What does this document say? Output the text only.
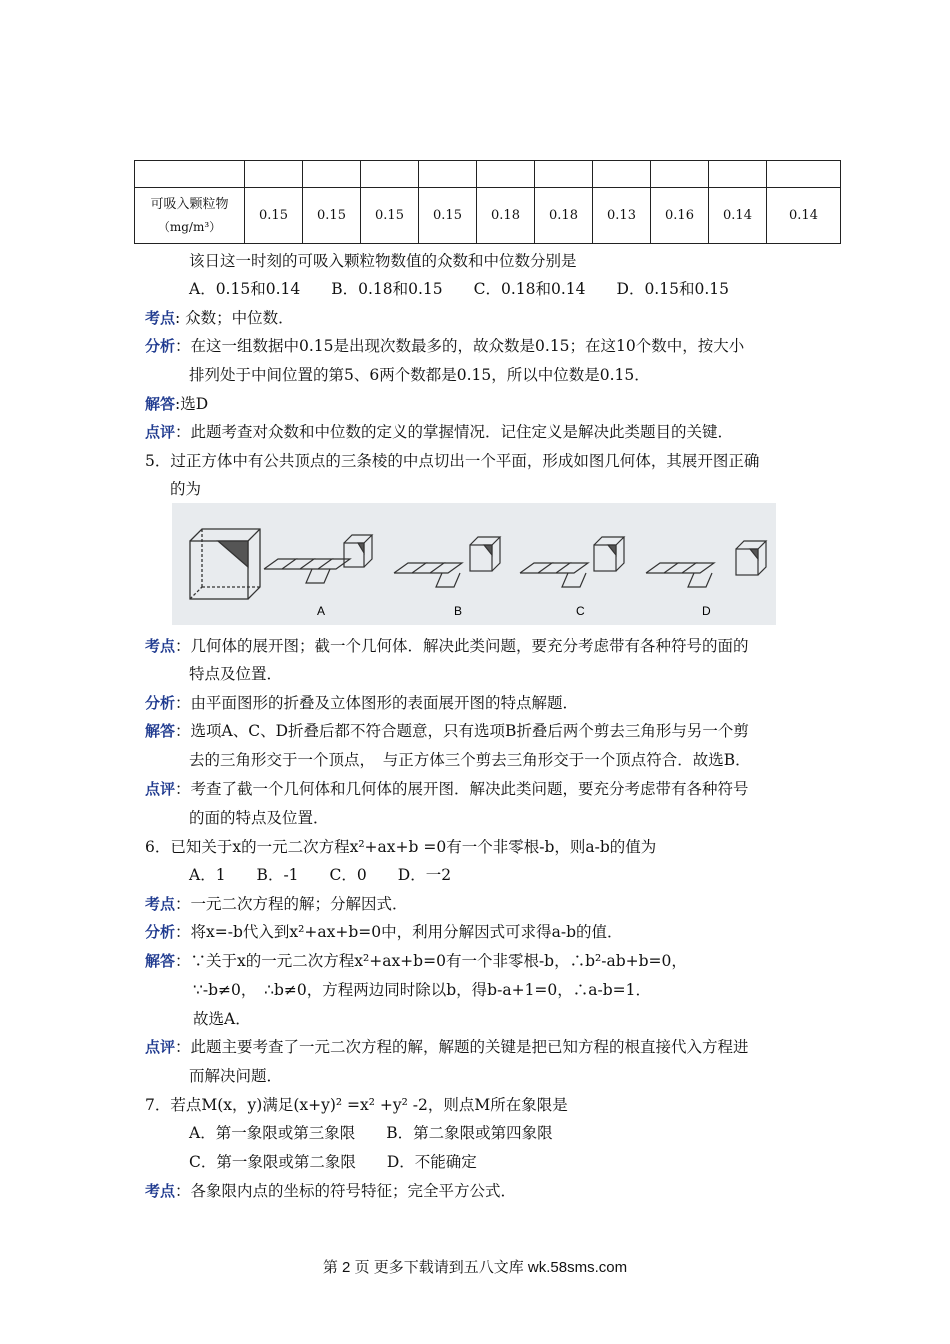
可吸入颗粒物
（mg/m³）	0.15	0.15	0.15	0.15	0.18	0.18	0.13	0.16	0.14	0.14
该日这一时刻的可吸入颗粒物数值的众数和中位数分别是
A．0.15和0.14　　B．0.18和0.15　　C．0.18和0.14　　D．0.15和0.15
考点: 众数；中位数．
分析：在这一组数据中0.15是出现次数最多的，故众数是0.15；在这10个数中，按大小
排列处于中间位置的第5、6两个数都是0.15，所以中位数是0.15．
解答:选D
点评：此题考查对众数和中位数的定义的掌握情况．记住定义是解决此类题目的关键．
5．过正方体中有公共顶点的三条棱的中点切出一个平面，形成如图几何体，其展开图正确
的为
A	B	C	D
考点：几何体的展开图；截一个几何体．解决此类问题，要充分考虑带有各种符号的面的
特点及位置．
分析：由平面图形的折叠及立体图形的表面展开图的特点解题．
解答：选项A、C、D折叠后都不符合题意，只有选项B折叠后两个剪去三角形与另一个剪
去的三角形交于一个顶点，　与正方体三个剪去三角形交于一个顶点符合．故选B．
点评：考查了截一个几何体和几何体的展开图．解决此类问题，要充分考虑带有各种符号
的面的特点及位置．
6．已知关于x的一元二次方程x²+ax+b =0有一个非零根-b，则a-b的值为
A．1　　B．-1　　C．0　　D．一2
考点：一元二次方程的解；分解因式．
分析：将x=-b代入到x²+ax+b=0中，利用分解因式可求得a-b的值．
解答：∵关于x的一元二次方程x²+ax+b=0有一个非零根-b，∴b²-ab+b=0，
∵-b≠0，　∴b≠0，方程两边同时除以b，得b-a+1=0，∴a-b=1．
故选A．
点评：此题主要考查了一元二次方程的解，解题的关键是把已知方程的根直接代入方程进
而解决问题．
7．若点M(x，y)满足(x+y)² =x² +y² -2，则点M所在象限是
A．第一象限或第三象限　　B．第二象限或第四象限
C．第一象限或第二象限　　D．不能确定
考点：各象限内点的坐标的符号特征；完全平方公式．
第 2 页 更多下载请到五八文库 wk.58sms.com
